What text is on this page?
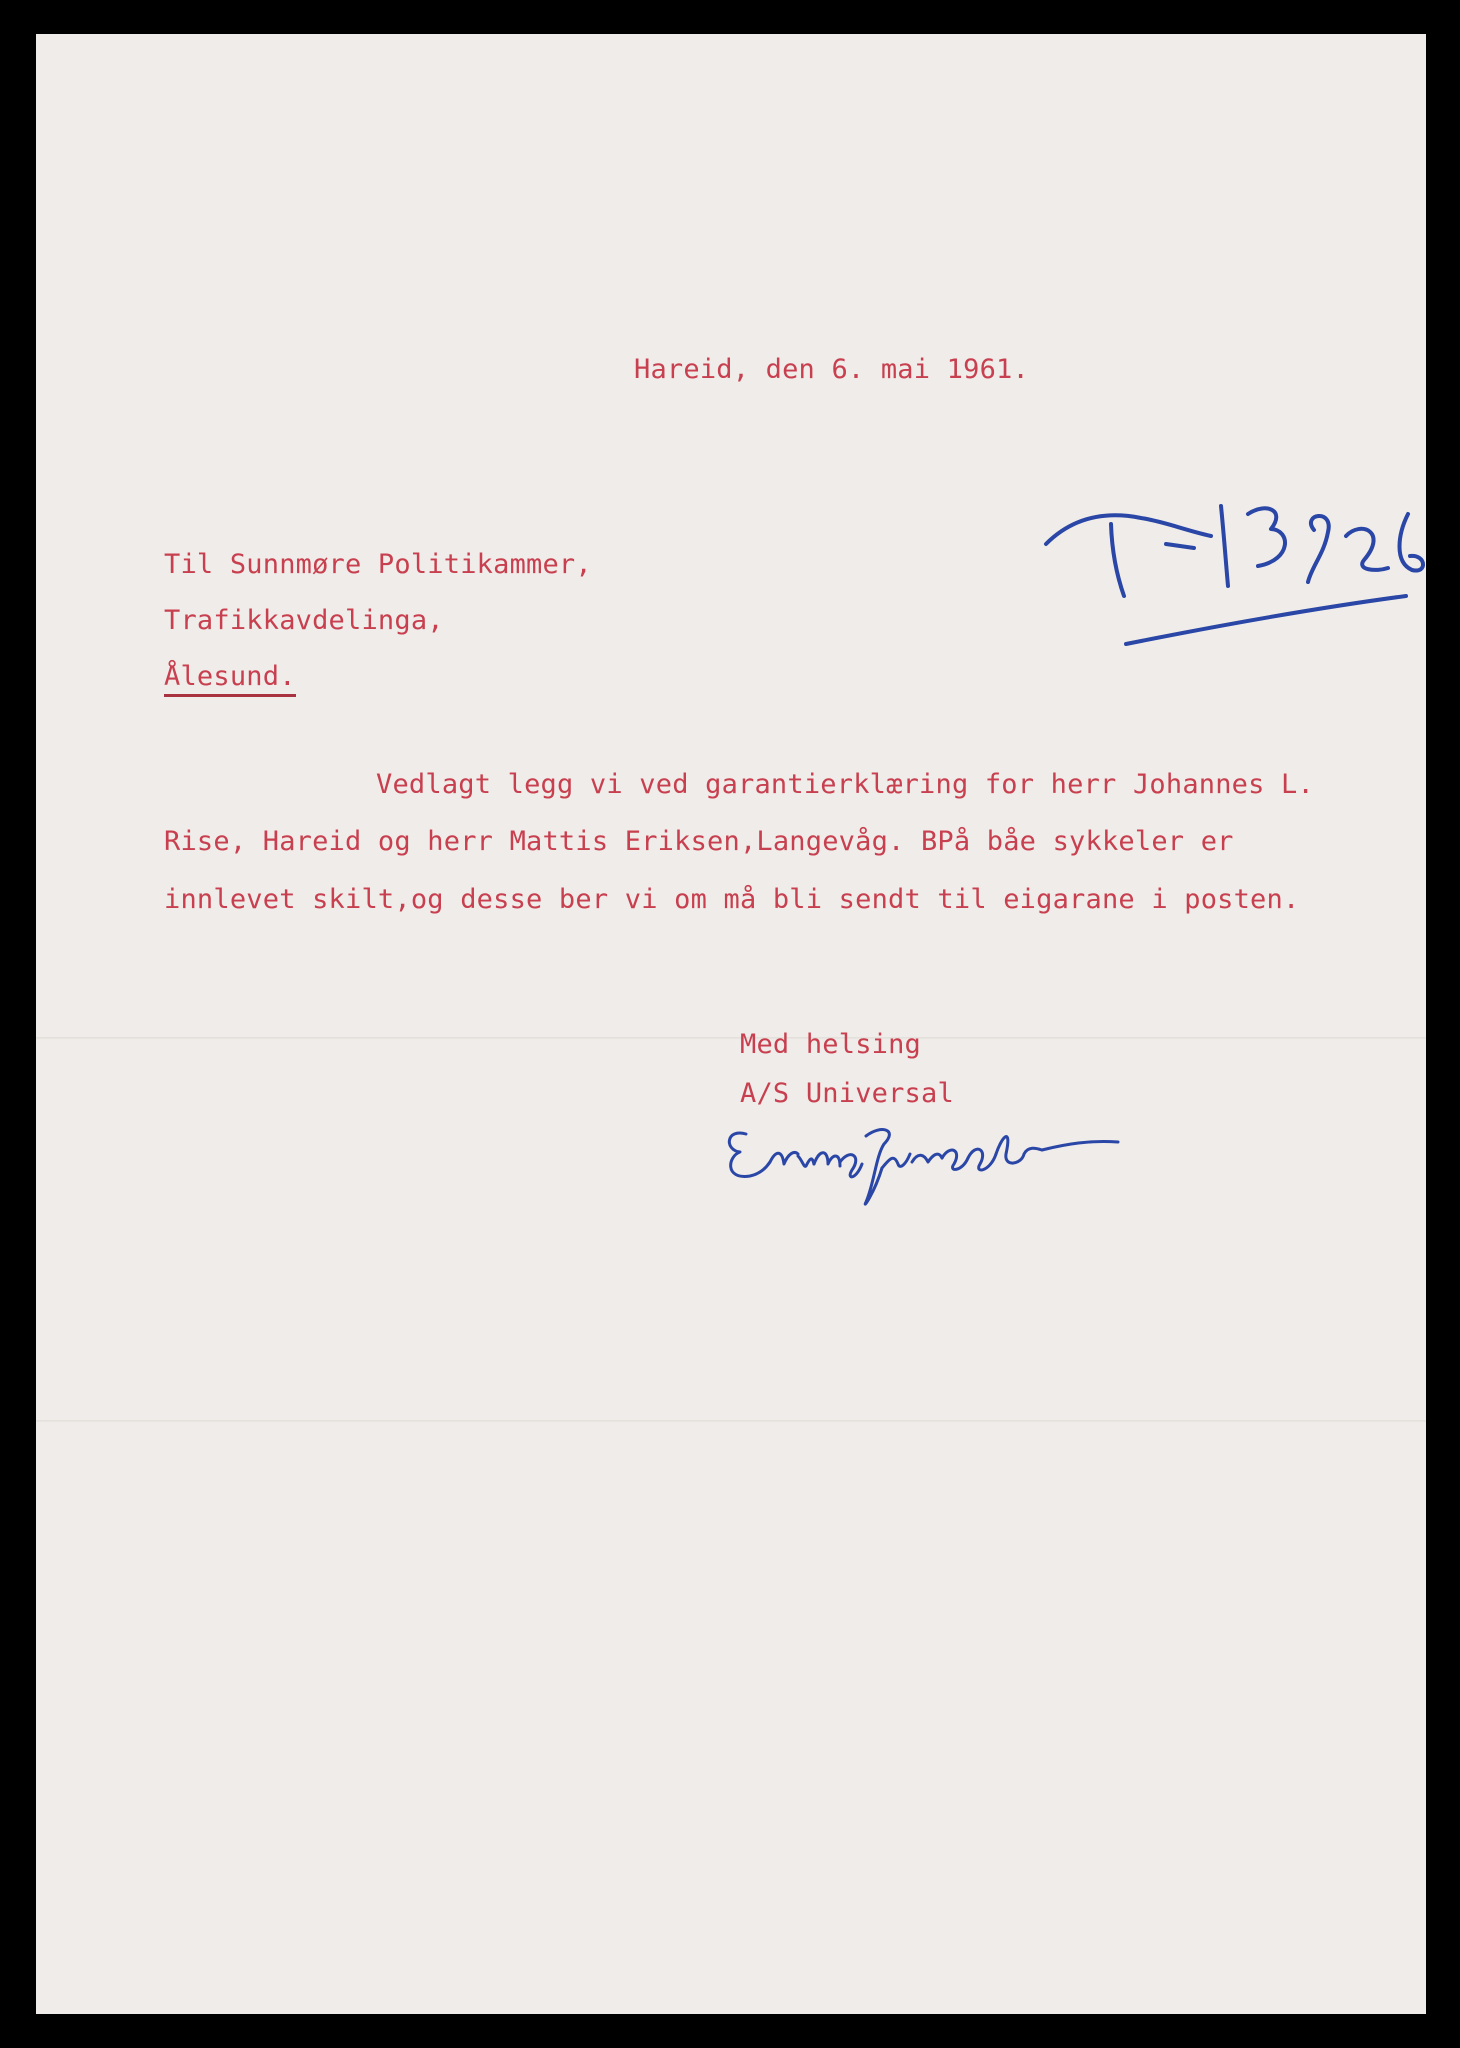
Hareid, den 6. mai 1961.
T-13926.
Til Sunnmøre Politikammer,
Trafikkavdelinga,
Ålesund.
Vedlagt legg vi ved garantierklæring for herr Johannes L.
Rise, Hareid og herr Mattis Eriksen,Langevåg. BPå båe sykkeler er
innlevet skilt,og desse ber vi om må bli sendt til eigarane i posten.
Med helsing
A/S Universal
Erling Fjellvold
